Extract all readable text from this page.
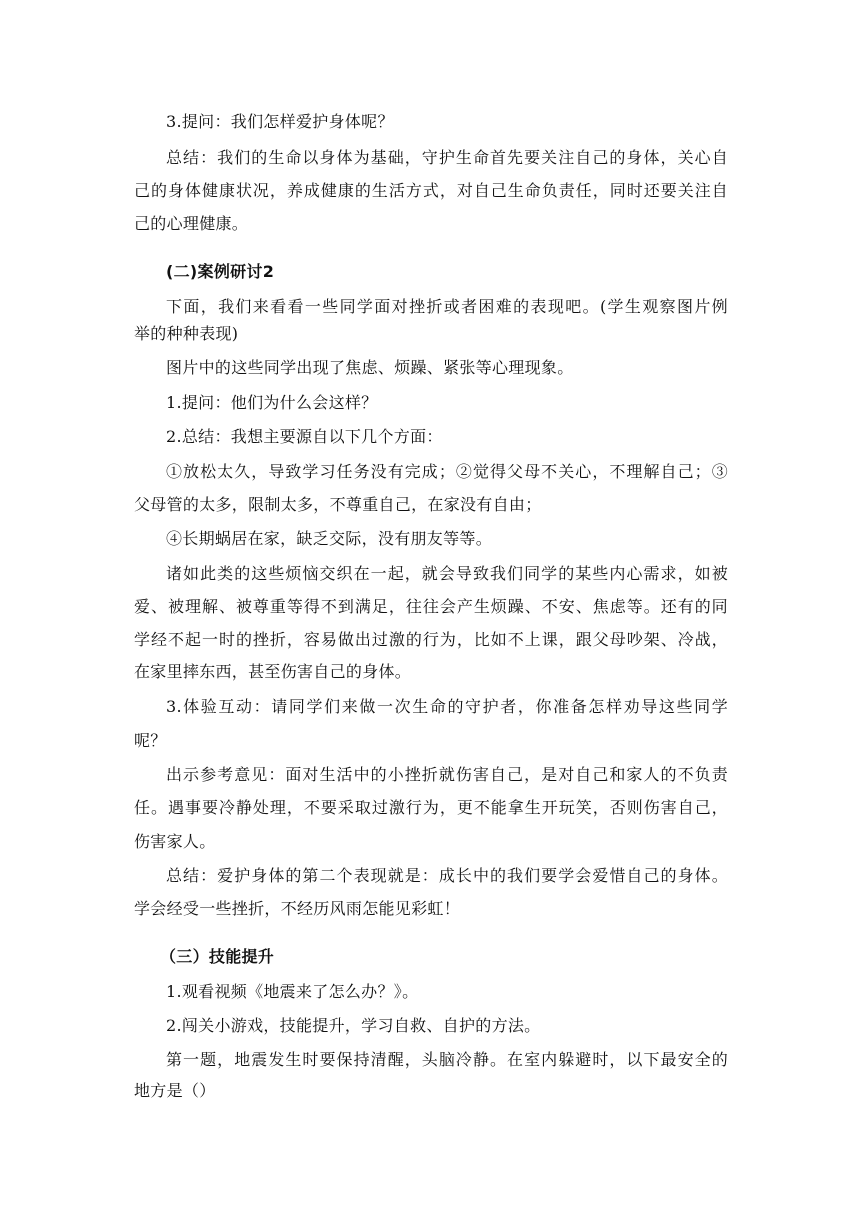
3.提问：我们怎样爱护身体呢？
总结：我们的生命以身体为基础，守护生命首先要关注自己的身体，关心自
己的身体健康状况，养成健康的生活方式，对自己生命负责任，同时还要关注自
己的心理健康。
(二)案例研讨2
下面，我们来看看一些同学面对挫折或者困难的表现吧。(学生观察图片例
举的种种表现)
图片中的这些同学出现了焦虑、烦躁、紧张等心理现象。
1.提问：他们为什么会这样？
2.总结：我想主要源自以下几个方面：
①放松太久，导致学习任务没有完成；②觉得父母不关心，不理解自己；③
父母管的太多，限制太多，不尊重自己，在家没有自由；
④长期蜗居在家，缺乏交际，没有朋友等等。
诸如此类的这些烦恼交织在一起，就会导致我们同学的某些内心需求，如被
爱、被理解、被尊重等得不到满足，往往会产生烦躁、不安、焦虑等。还有的同
学经不起一时的挫折，容易做出过激的行为，比如不上课，跟父母吵架、冷战，
在家里摔东西，甚至伤害自己的身体。
3.体验互动：请同学们来做一次生命的守护者，你准备怎样劝导这些同学
呢？
出示参考意见：面对生活中的小挫折就伤害自己，是对自己和家人的不负责
任。遇事要冷静处理，不要采取过激行为，更不能拿生开玩笑，否则伤害自己，
伤害家人。
总结：爱护身体的第二个表现就是：成长中的我们要学会爱惜自己的身体。
学会经受一些挫折，不经历风雨怎能见彩虹！
（三）技能提升
1.观看视频《地震来了怎么办？》。
2.闯关小游戏，技能提升，学习自救、自护的方法。
第一题，地震发生时要保持清醒，头脑冷静。在室内躲避时，以下最安全的
地方是（）
